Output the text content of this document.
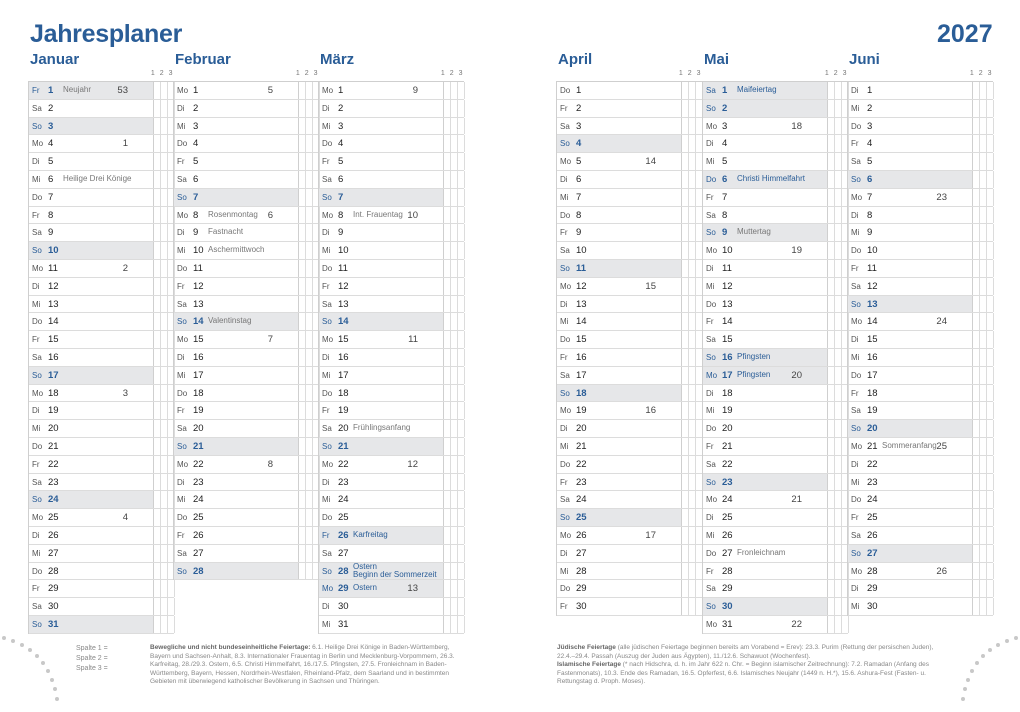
Jahresplaner	2027
Januar
1 2 3
Fr 1 Neujahr	53
Sa 2
So 3
Mo 4	1
Di 5
Mi 6 Heilige Drei Könige
Do 7
Fr 8
Sa 9
So 10
Mo 11	2
Di 12
Mi 13
Do 14
Fr 15
Sa 16
So 17
Mo 18	3
Di 19
Mi 20
Do 21
Fr 22
Sa 23
So 24
Mo 25	4
Di 26
Mi 27
Do 28
Fr 29
Sa 30
So 31
Februar
1 2 3
Mo 1	5
Di 2
Mi 3
Do 4
Fr 5
Sa 6
So 7
Mo 8 Rosenmontag 6
Di 9 Fastnacht
Mi 10 Aschermittwoch
Do 11
Fr 12
Sa 13
So 14 Valentinstag
Mo 15	7
Di 16
Mi 17
Do 18
Fr 19
Sa 20
So 21
Mo 22	8
Di 23
Mi 24
Do 25
Fr 26
Sa 27
So 28
März
1 2 3
Mo 1	9
Di 2
Mi 3
Do 4
Fr 5
Sa 6
So 7
Mo 8 Int. Frauentag 10
Di 9
Mi 10
Do 11
Fr 12
Sa 13
So 14
Mo 15	11
Di 16
Mi 17
Do 18
Fr 19
Sa 20 Frühlingsanfang
So 21
Mo 22	12
Di 23
Mi 24
Do 25
Fr 26 Karfreitag
Sa 27
So 28 Ostern
Beginn der Sommerzeit
Mo 29 Ostern	13
Di 30
Mi 31
April
1 2 3
Do 1
Fr 2
Sa 3
So 4
Mo 5	14
Di 6
Mi 7
Do 8
Fr 9
Sa 10
So 11
Mo 12	15
Di 13
Mi 14
Do 15
Fr 16
Sa 17
So 18
Mo 19	16
Di 20
Mi 21
Do 22
Fr 23
Sa 24
So 25
Mo 26	17
Di 27
Mi 28
Do 29
Fr 30
Mai
1 2 3
Sa 1 Maifeiertag
So 2
Mo 3	18
Di 4
Mi 5
Do 6 Christi Himmelfahrt
Fr 7
Sa 8
So 9 Muttertag
Mo 10	19
Di 11
Mi 12
Do 13
Fr 14
Sa 15
So 16 Pfingsten
Mo 17 Pfingsten 20
Di 18
Mi 19
Do 20
Fr 21
Sa 22
So 23
Mo 24	21
Di 25
Mi 26
Do 27 Fronleichnam
Fr 28
Sa 29
So 30
Mo 31	22
Juni
1 2 3
Di 1
Mi 2
Do 3
Fr 4
Sa 5
So 6
Mo 7	23
Di 8
Mi 9
Do 10
Fr 11
Sa 12
So 13
Mo 14	24
Di 15
Mi 16
Do 17
Fr 18
Sa 19
So 20
Mo 21 Sommeranfang 25
Di 22
Mi 23
Do 24
Fr 25
Sa 26
So 27
Mo 28	26
Di 29
Mi 30
Spalte 1 =
Spalte 2 =
Spalte 3 =
Bewegliche und nicht bundeseinheitliche Feiertage: 6.1. Heilige Drei Könige in Baden-Württemberg, Bayern und Sachsen-Anhalt, 8.3. Internationaler Frauentag in Berlin und Mecklenburg-Vorpommern, 26.3. Karfreitag, 28./29.3. Ostern, 6.5. Christi Himmelfahrt, 16./17.5. Pfingsten, 27.5. Fronleichnam in Baden-Württemberg, Bayern, Hessen, Nordrhein-Westfalen, Rheinland-Pfalz, dem Saarland und in bestimmten Gebieten mit überwiegend katholischer Bevölkerung in Sachsen und Thüringen.
Jüdische Feiertage (alle jüdischen Feiertage beginnen bereits am Vorabend = Erev): 23.3. Purim (Rettung der persischen Juden), 22.4.–29.4. Passah (Auszug der Juden aus Ägypten), 11./12.6. Schawuot (Wochenfest).
Islamische Feiertage (* nach Hidschra, d. h. im Jahr 622 n. Chr. = Beginn islamischer Zeitrechnung): 7.2. Ramadan (Anfang des Fastenmonats), 10.3. Ende des Ramadan, 16.5. Opferfest, 6.6. Islamisches Neujahr (1449 n. H.*), 15.6. Ashura-Fest (Fasten- u. Rettungstag d. Proph. Moses).
